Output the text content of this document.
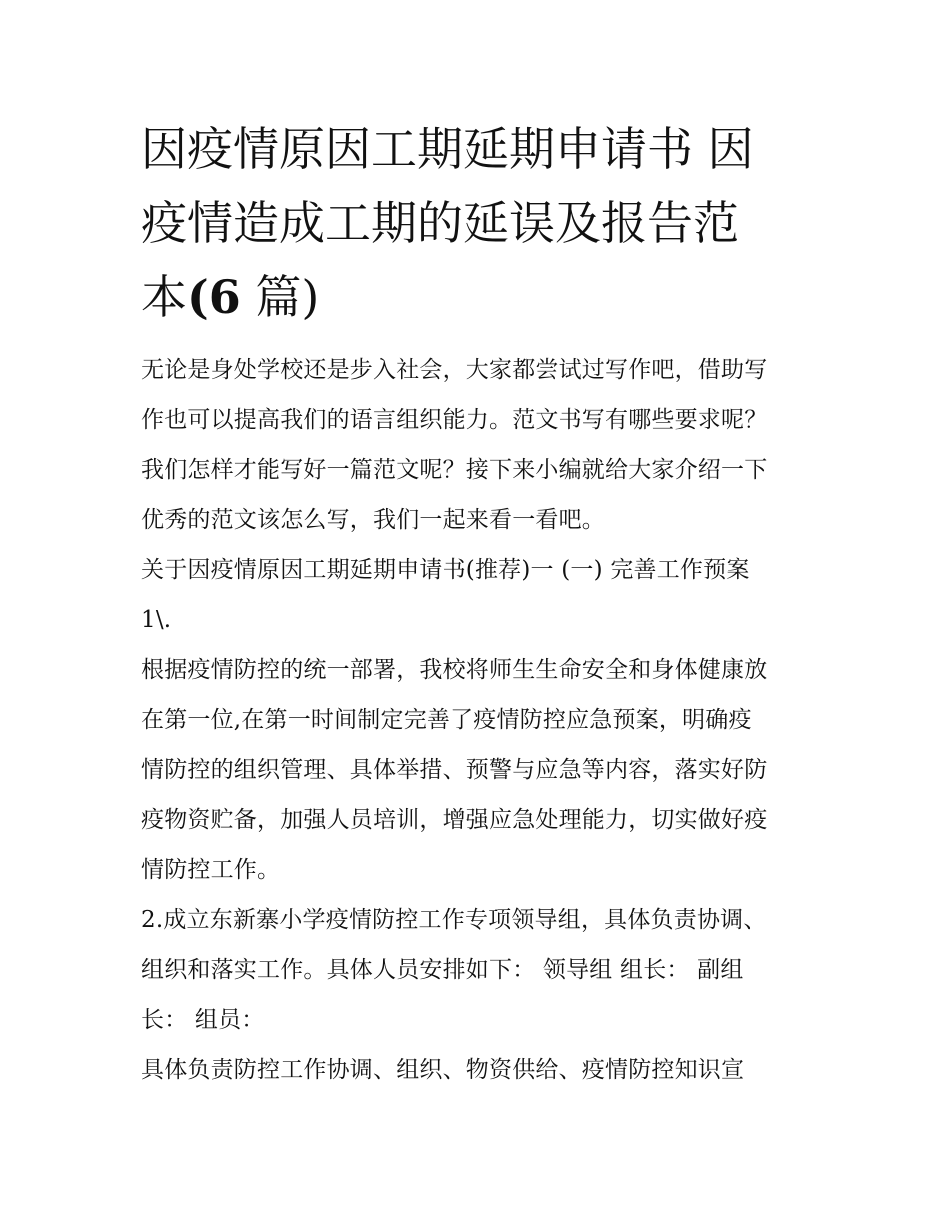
因疫情原因工期延期申请书 因
疫情造成工期的延误及报告范
本(6 篇)

无论是身处学校还是步入社会，大家都尝试过写作吧，借助写

作也可以提高我们的语言组织能力。范文书写有哪些要求呢？

我们怎样才能写好一篇范文呢？接下来小编就给大家介绍一下

优秀的范文该怎么写，我们一起来看一看吧。

关于因疫情原因工期延期申请书(推荐)一 (一) 完善工作预案

1\.

根据疫情防控的统一部署，我校将师生生命安全和身体健康放

在第一位,在第一时间制定完善了疫情防控应急预案，明确疫

情防控的组织管理、具体举措、预警与应急等内容，落实好防

疫物资贮备，加强人员培训，增强应急处理能力，切实做好疫

情防控工作。

2.成立东新寨小学疫情防控工作专项领导组，具体负责协调、

组织和落实工作。具体人员安排如下： 领导组 组长： 副组

长： 组员：

具体负责防控工作协调、组织、物资供给、疫情防控知识宣
